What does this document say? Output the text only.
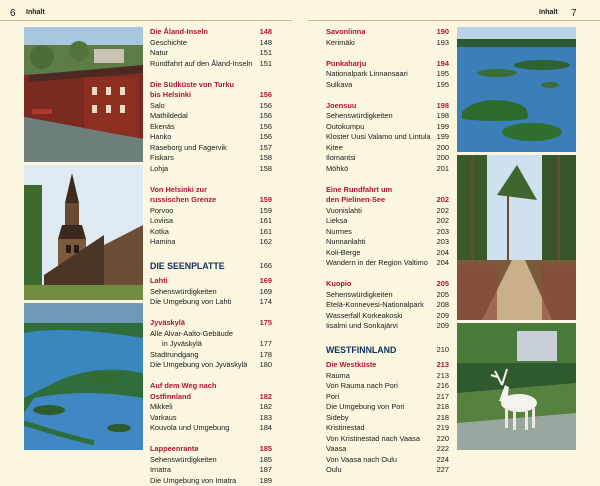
6 Inhalt
Die Åland-Inseln	148
Geschichte	148
Natur	151
Rundfahrt auf den Åland-Inseln 151
Die Südküste von Turku
bis Helsinki	156
Salo	156
Mathildedal	156
Ekenäs	156
Hanko	156
Raseborg und Fagervik	157
Fiskars	158
Lohja	158
Von Helsinki zur
russischen Grenze	159
Porvoo	159
Loviisa	161
Kotka	161
Hamina	162
DIE SEENPLATTE	166
Lahti	169
Sehenswürdigkeiten	169
Die Umgebung von Lahti	174
Jyväskylä	175
Alle Alvar-Aalto-Gebäude
in Jyväskylä	177
Stadtrundgang	178
Die Umgebung von Jyväskylä 180
Auf dem Weg nach
Ostfinnland	182
Mikkeli	182
Varkaus	183
Kouvola und Umgebung	184
Lappeenranta	185
Sehenswürdigkeiten	185
Imatra	187
Die Umgebung von Imatra	189
Inhalt 7
Savonlinna	190
Kerimäki	193
Punkaharju	194
Nationalpark Linnansaari	195
Sulkava	195
Joensuu	198
Sehenswürdigkeiten	198
Outokumpu	199
Kloster Uusi Valamo und Lintula 199
Kitee	200
Ilomantsi	200
Möhkö	201
Eine Rundfahrt um
den Pielinen-See	202
Vuonislahti	202
Lieksa	202
Nurmes	203
Nunnanlahti	203
Koli-Berge	204
Wandern in der Region Valtimo 204
Kuopio	205
Sehenswürdigkeiten	205
Etelä-Konnevesi-Nationalpark 208
Wasserfall Korkeakoski	209
Iisalmi und Sonkajärvi	209
WESTFINNLAND	210
Die Westküste	213
Rauma	213
Von Rauma nach Pori	216
Pori	217
Die Umgebung von Pori	218
Sideby	218
Kristinestad	219
Von Kristinestad nach Vaasa 220
Vaasa	222
Von Vaasa nach Oulu	224
Oulu	227
